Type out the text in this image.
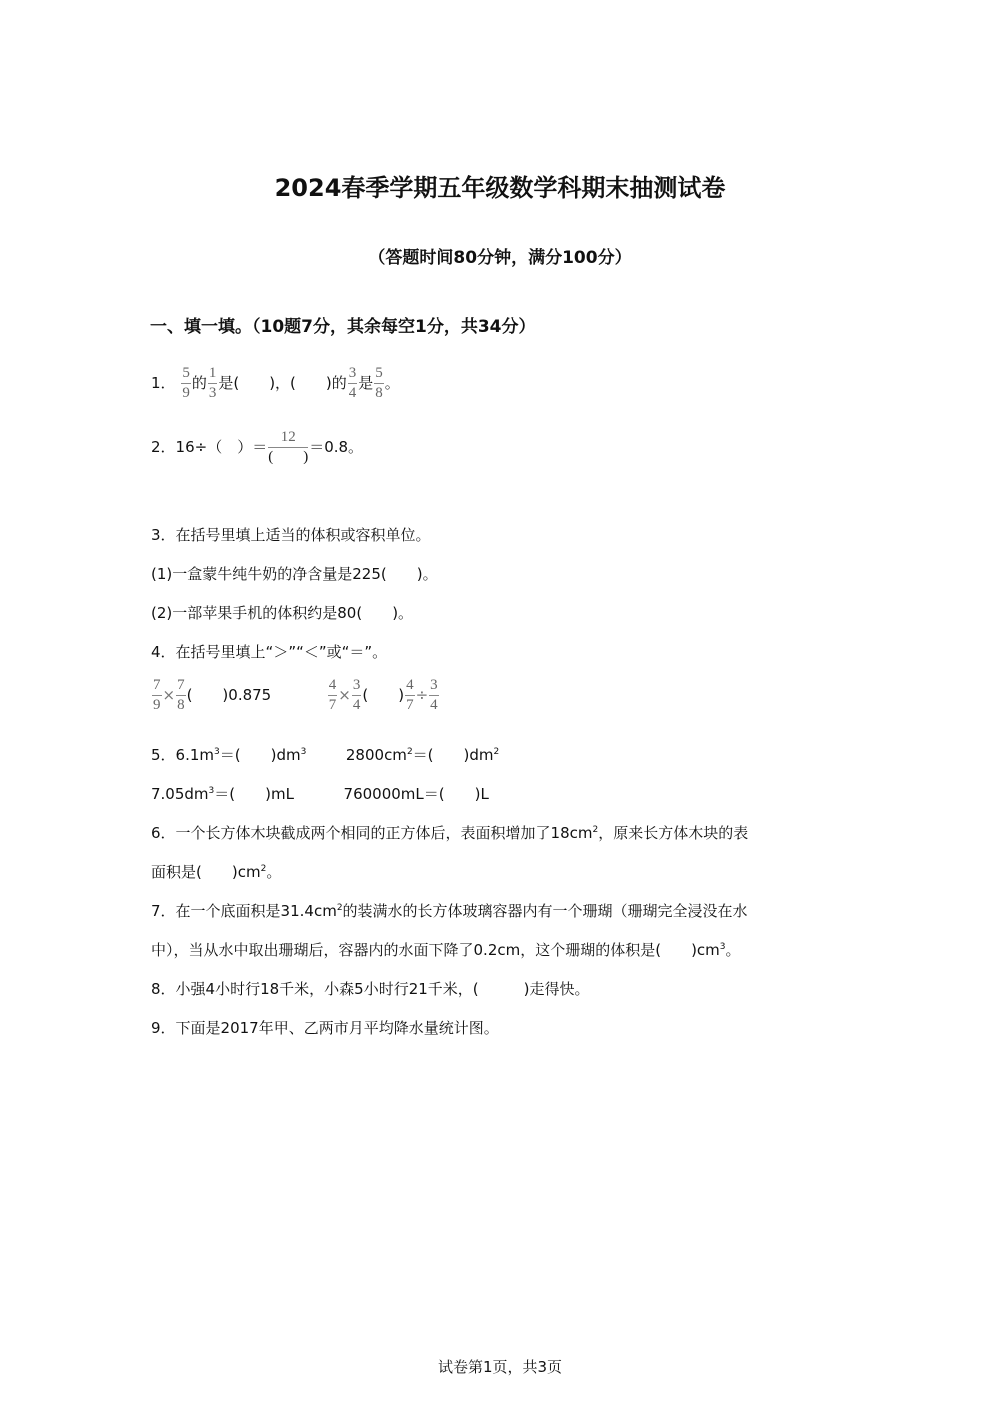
2024春季学期五年级数学科期末抽测试卷
（答题时间80分钟，满分100分）
一、填一填。（10题7分，其余每空1分，共34分）
1． $\frac{5}{9}$ 的 $\frac{1}{3}$ 是(　　)，(　　)的 $\frac{3}{4}$ 是 $\frac{5}{8}$ 。
2．16÷（　）＝ $\frac{12}{( )} =0.8$。
3．在括号里填上适当的体积或容积单位。
(1)一盒蒙牛纯牛奶的净含量是225(　　)。
(2)一部苹果手机的体积约是80(　　)。
4．在括号里填上“＞”“＜”或“＝”。
$\frac{7}{9} \times \frac{7}{8}$ (　　)0.875	$\frac{4}{7} \times \frac{3}{4}$ (　　) $\frac{4}{7} \div \frac{3}{4}$
5．$6.1m^3=$(　　)$dm^3$	$2800cm^2=$(　　)$dm^2$
$7.05dm^3=$(　　)mL	760000mL＝(　　)L
6．一个长方体木块截成两个相同的正方体后，表面积增加了$18cm^2$，原来长方体木块的表
面积是(　　)$cm^2$。
7．在一个底面积是$31.4cm^2$的装满水的长方体玻璃容器内有一个珊瑚（珊瑚完全浸没在水
中），当从水中取出珊瑚后，容器内的水面下降了0.2cm，这个珊瑚的体积是(　　)$cm^3$。
8．小强4小时行18千米，小森5小时行21千米，(　　　)走得快。
9．下面是2017年甲、乙两市月平均降水量统计图。
试卷第1页，共3页
